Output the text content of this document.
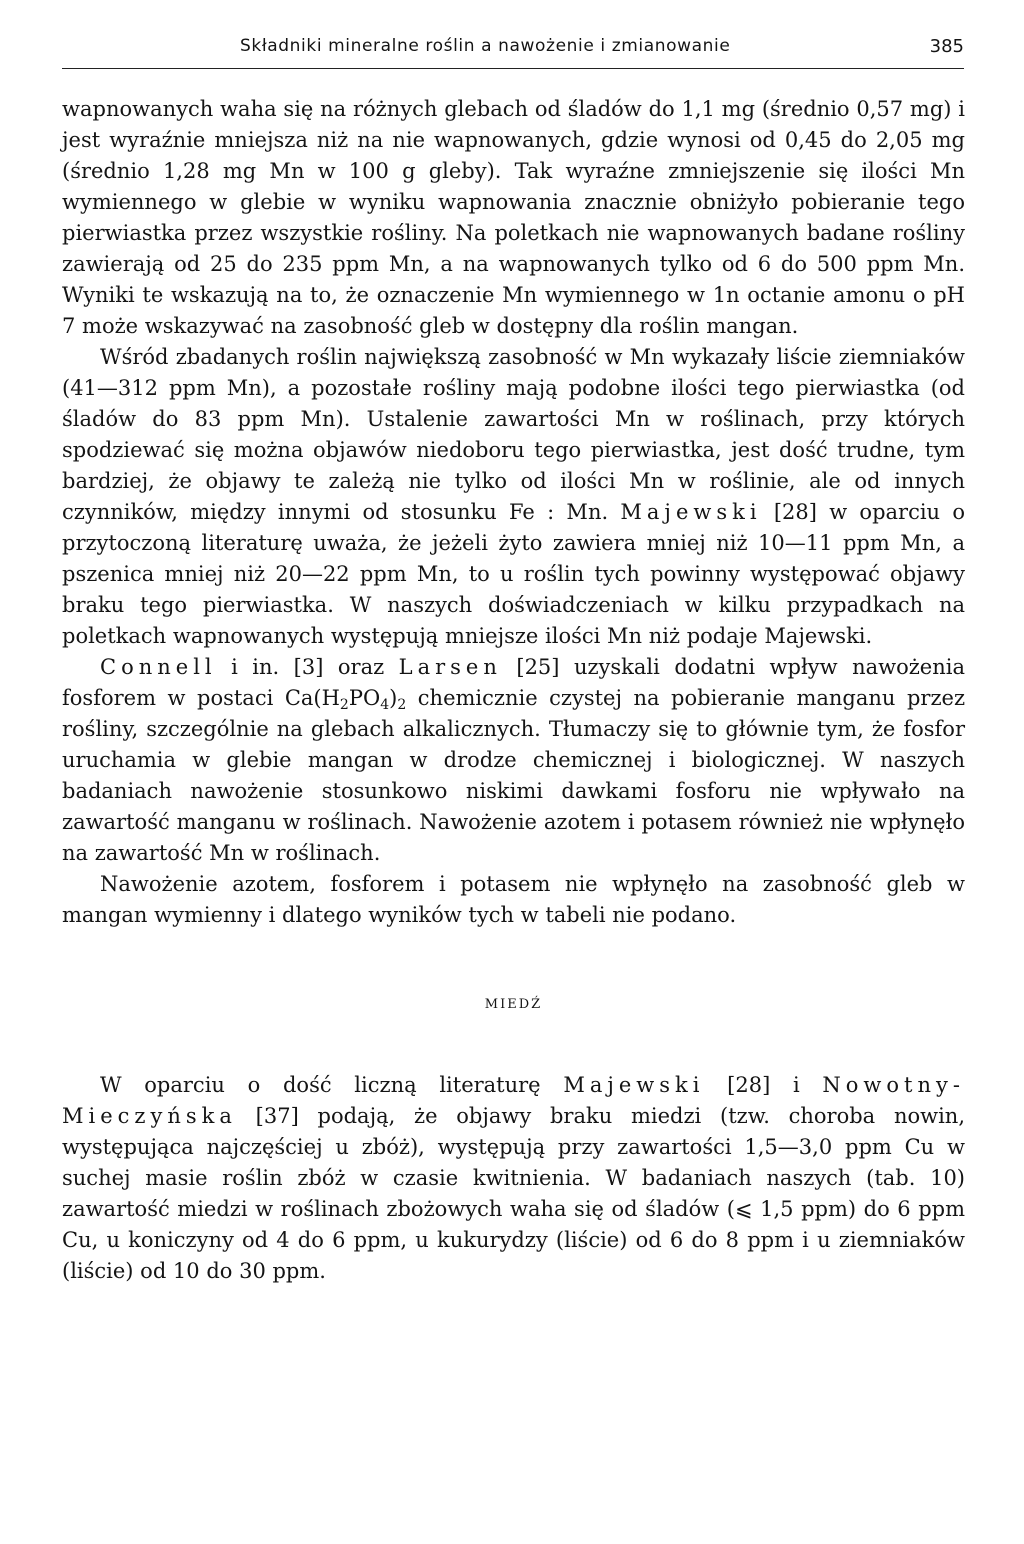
Składniki mineralne roślin a nawożenie i zmianowanie	385

wapnowanych waha się na różnych glebach od śladów do 1,1 mg (średnio 0,57 mg) i jest wyraźnie mniejsza niż na nie wapnowanych, gdzie wynosi od 0,45 do 2,05 mg (średnio 1,28 mg Mn w 100 g gleby). Tak wyraźne zmniejszenie się ilości Mn wymiennego w glebie w wyniku wapnowania znacznie obniżyło pobieranie tego pierwiastka przez wszystkie rośliny. Na poletkach nie wapnowanych badane rośliny zawierają od 25 do 235 ppm Mn, a na wapnowanych tylko od 6 do 500 ppm Mn. Wyniki te wskazują na to, że oznaczenie Mn wymiennego w 1n octanie amonu o pH 7 może wskazywać na zasobność gleb w dostępny dla roślin mangan.

Wśród zbadanych roślin największą zasobność w Mn wykazały liście ziemniaków (41—312 ppm Mn), a pozostałe rośliny mają podobne ilości tego pierwiastka (od śladów do 83 ppm Mn). Ustalenie zawartości Mn w roślinach, przy których spodziewać się można objawów niedoboru tego pierwiastka, jest dość trudne, tym bardziej, że objawy te zależą nie tylko od ilości Mn w roślinie, ale od innych czynników, między innymi od stosunku Fe : Mn. Majewski [28] w oparciu o przytoczoną literaturę uważa, że jeżeli żyto zawiera mniej niż 10—11 ppm Mn, a pszenica mniej niż 20—22 ppm Mn, to u roślin tych powinny występować objawy braku tego pierwiastka. W naszych doświadczeniach w kilku przypadkach na poletkach wapnowanych występują mniejsze ilości Mn niż podaje Majewski.

Connell i in. [3] oraz Larsen [25] uzyskali dodatni wpływ nawożenia fosforem w postaci $Ca(H_2PO_4)_2$ chemicznie czystej na pobieranie manganu przez rośliny, szczególnie na glebach alkalicznych. Tłumaczy się to głównie tym, że fosfor uruchamia w glebie mangan w drodze chemicznej i biologicznej. W naszych badaniach nawożenie stosunkowo niskimi dawkami fosforu nie wpływało na zawartość manganu w roślinach. Nawożenie azotem i potasem również nie wpłynęło na zawartość Mn w roślinach.

Nawożenie azotem, fosforem i potasem nie wpłynęło na zasobność gleb w mangan wymienny i dlatego wyników tych w tabeli nie podano.

MIEDŹ

W oparciu o dość liczną literaturę Majewski [28] i Nowotny-Mieczyńska [37] podają, że objawy braku miedzi (tzw. choroba nowin, występująca najczęściej u zbóż), występują przy zawartości 1,5—3,0 ppm Cu w suchej masie roślin zbóż w czasie kwitnienia. W badaniach naszych (tab. 10) zawartość miedzi w roślinach zbożowych waha się od śladów (⩽ 1,5 ppm) do 6 ppm Cu, u koniczyny od 4 do 6 ppm, u kukurydzy (liście) od 6 do 8 ppm i u ziemniaków (liście) od 10 do 30 ppm.
